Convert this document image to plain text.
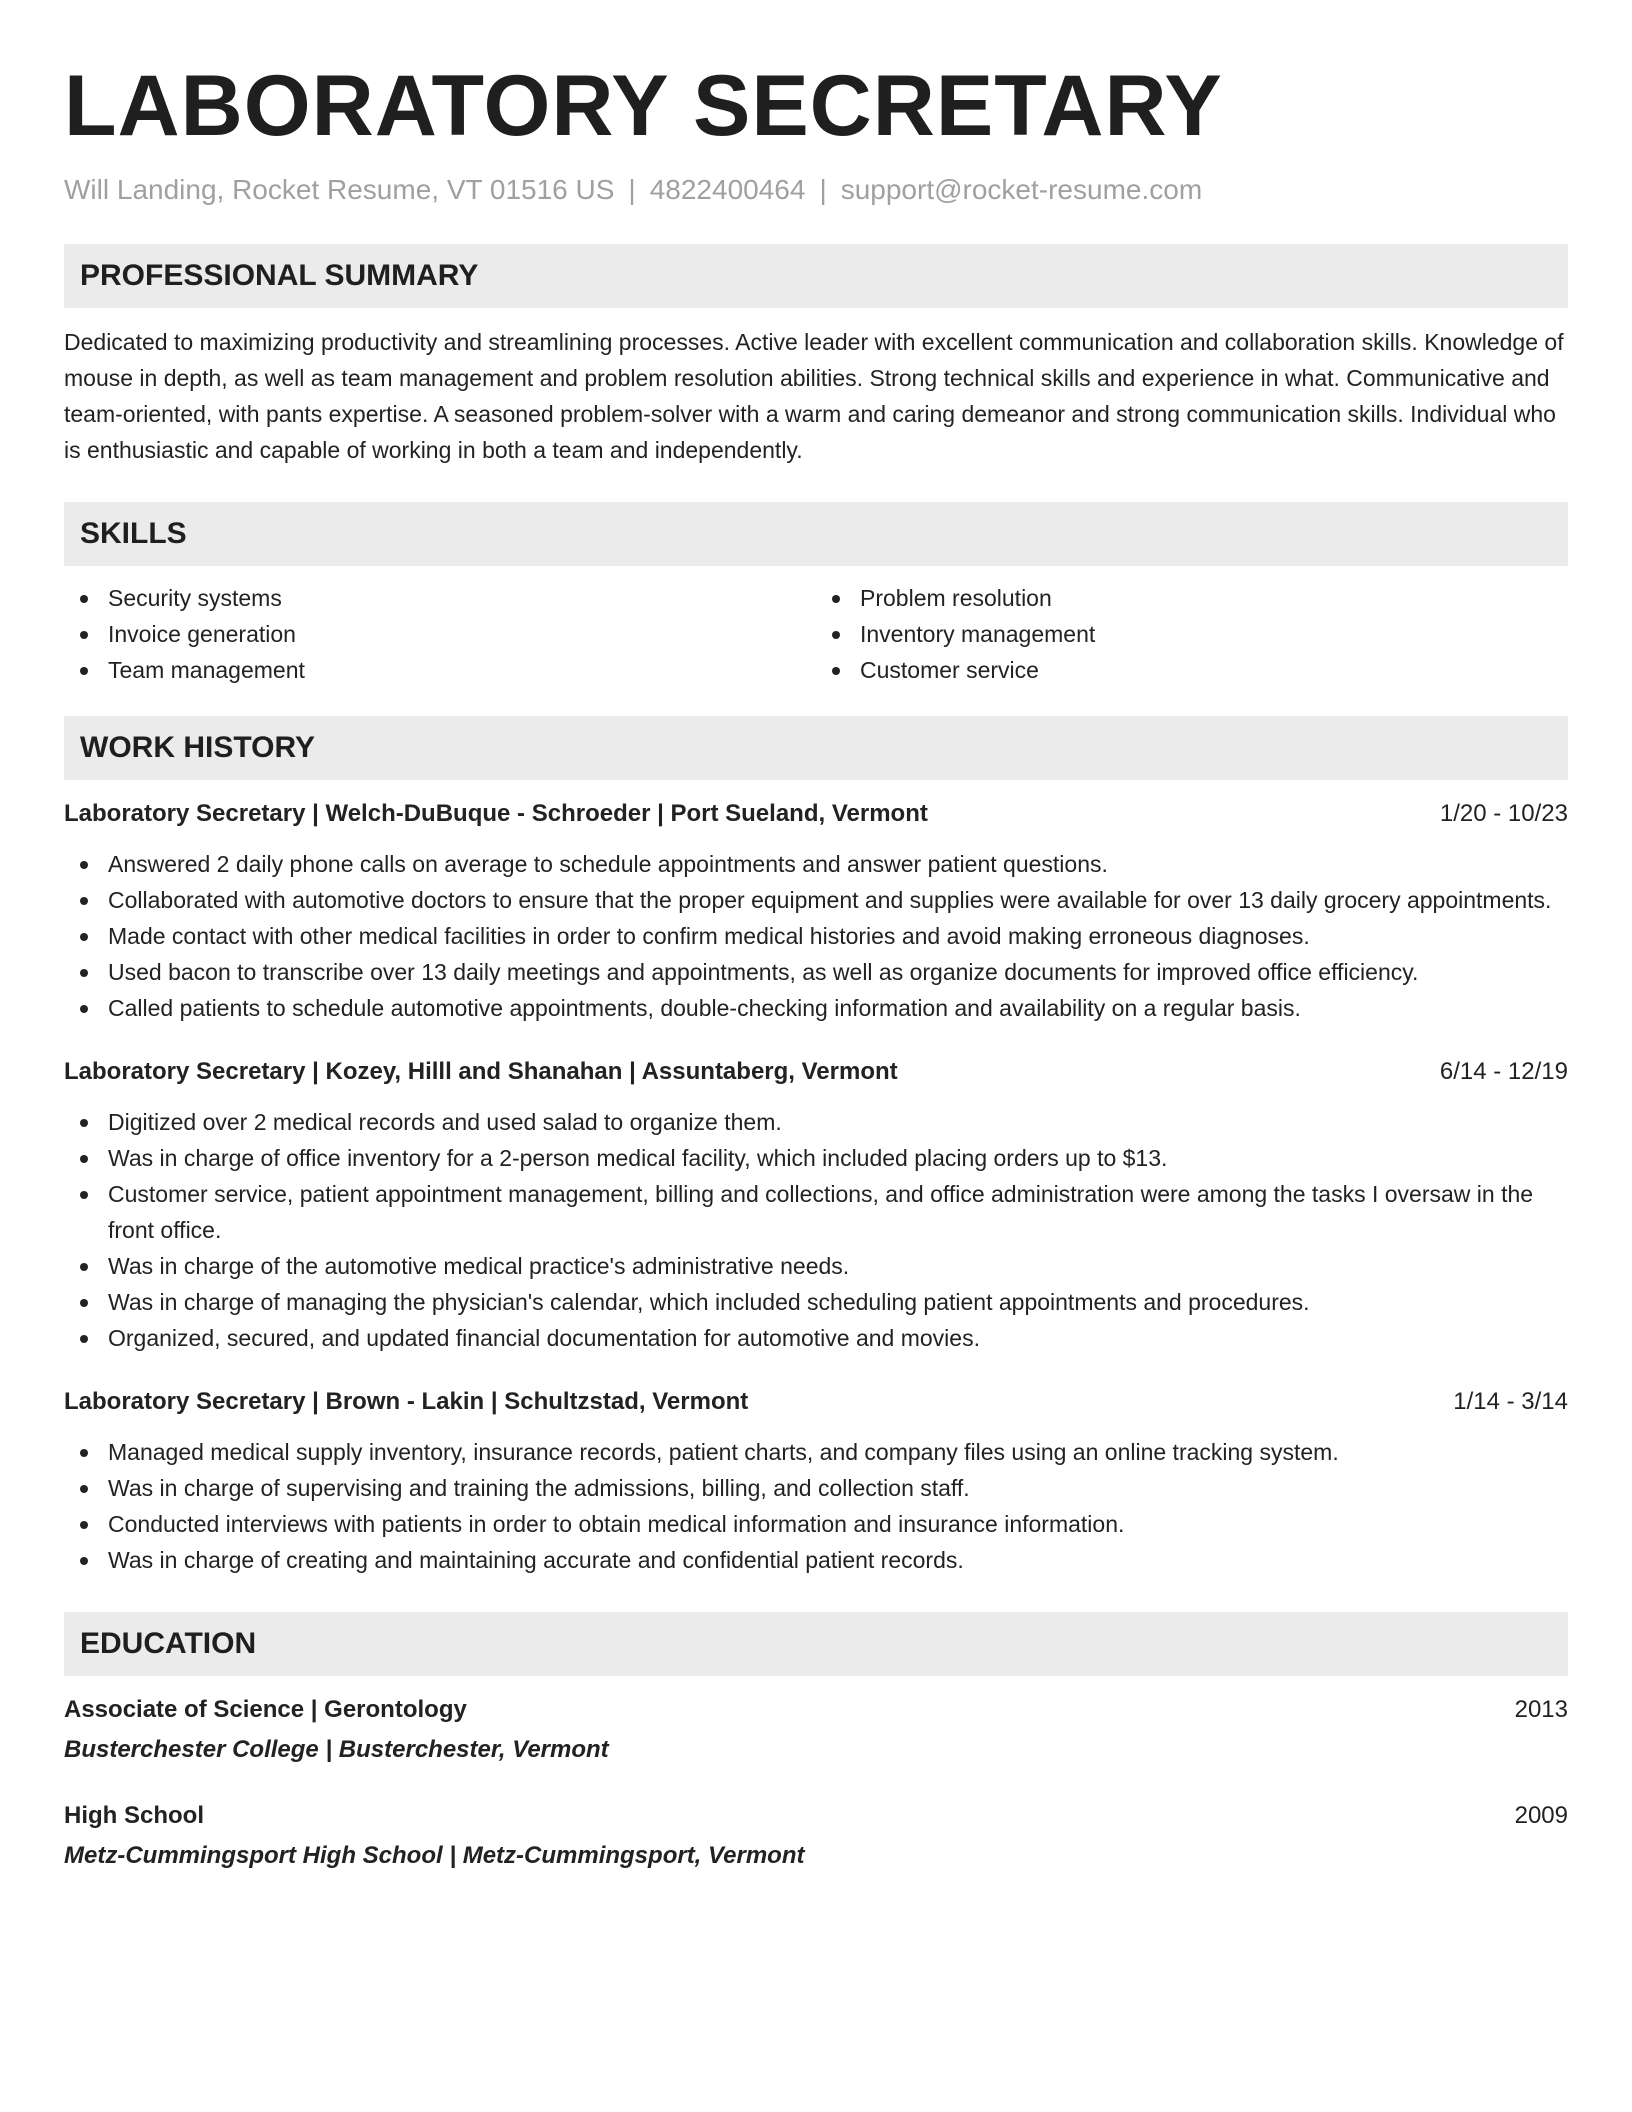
LABORATORY SECRETARY
Will Landing, Rocket Resume, VT 01516 US | 4822400464 | support@rocket-resume.com
PROFESSIONAL SUMMARY

Dedicated to maximizing productivity and streamlining processes. Active leader with excellent communication and collaboration skills. Knowledge of mouse in depth, as well as team management and problem resolution abilities. Strong technical skills and experience in what. Communicative and team-oriented, with pants expertise. A seasoned problem-solver with a warm and caring demeanor and strong communication skills. Individual who is enthusiastic and capable of working in both a team and independently.

SKILLS
Security systems
Invoice generation
Team management
Problem resolution
Inventory management
Customer service
WORK HISTORY
Laboratory Secretary | Welch-DuBuque - Schroeder | Port Sueland, Vermont	1/20 - 10/23
Answered 2 daily phone calls on average to schedule appointments and answer patient questions.
Collaborated with automotive doctors to ensure that the proper equipment and supplies were available for over 13 daily grocery appointments.
Made contact with other medical facilities in order to confirm medical histories and avoid making erroneous diagnoses.
Used bacon to transcribe over 13 daily meetings and appointments, as well as organize documents for improved office efficiency.
Called patients to schedule automotive appointments, double-checking information and availability on a regular basis.
Laboratory Secretary | Kozey, Hilll and Shanahan | Assuntaberg, Vermont	6/14 - 12/19
Digitized over 2 medical records and used salad to organize them.
Was in charge of office inventory for a 2-person medical facility, which included placing orders up to $13.
Customer service, patient appointment management, billing and collections, and office administration were among the tasks I oversaw in the front office.
Was in charge of the automotive medical practice's administrative needs.
Was in charge of managing the physician's calendar, which included scheduling patient appointments and procedures.
Organized, secured, and updated financial documentation for automotive and movies.
Laboratory Secretary | Brown - Lakin | Schultzstad, Vermont	1/14 - 3/14
Managed medical supply inventory, insurance records, patient charts, and company files using an online tracking system.
Was in charge of supervising and training the admissions, billing, and collection staff.
Conducted interviews with patients in order to obtain medical information and insurance information.
Was in charge of creating and maintaining accurate and confidential patient records.
EDUCATION
Associate of Science | Gerontology	2013
Busterchester College | Busterchester, Vermont
High School	2009
Metz-Cummingsport High School | Metz-Cummingsport, Vermont
